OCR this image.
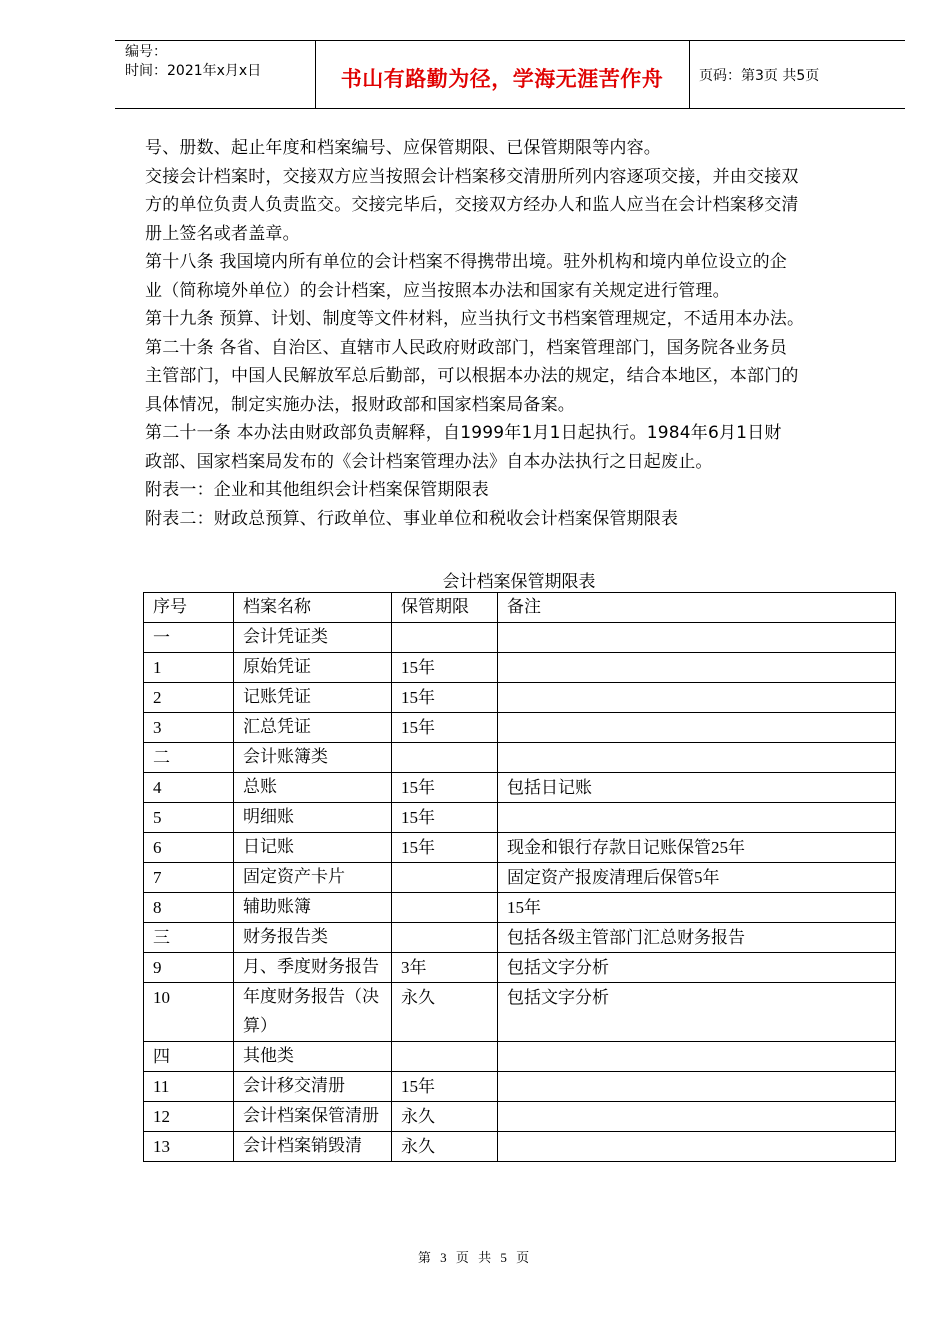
编号：
时间：2021年x月x日	书山有路勤为径，学海无涯苦作舟	页码：第3页 共5页

号、册数、起止年度和档案编号、应保管期限、已保管期限等内容。

交接会计档案时，交接双方应当按照会计档案移交清册所列内容逐项交接，并由交接双

方的单位负责人负责监交。交接完毕后，交接双方经办人和监人应当在会计档案移交清

册上签名或者盖章。

第十八条 我国境内所有单位的会计档案不得携带出境。驻外机构和境内单位设立的企

业（简称境外单位）的会计档案，应当按照本办法和国家有关规定进行管理。

第十九条 预算、计划、制度等文件材料，应当执行文书档案管理规定，不适用本办法。

第二十条 各省、自治区、直辖市人民政府财政部门，档案管理部门，国务院各业务员

主管部门，中国人民解放军总后勤部，可以根据本办法的规定，结合本地区，本部门的

具体情况，制定实施办法，报财政部和国家档案局备案。

第二十一条 本办法由财政部负责解释，自1999年1月1日起执行。1984年6月1日财

政部、国家档案局发布的《会计档案管理办法》自本办法执行之日起废止。

附表一：企业和其他组织会计档案保管期限表

附表二：财政总预算、行政单位、事业单位和税收会计档案保管期限表

会计档案保管期限表
序号	档案名称	保管期限	备注
一	会计凭证类		
1	原始凭证	15年	
2	记账凭证	15年	
3	汇总凭证	15年	
二	会计账簿类		
4	总账	15年	包括日记账
5	明细账	15年	
6	日记账	15年	现金和银行存款日记账保管25年
7	固定资产卡片		固定资产报废清理后保管5年
8	辅助账簿		15年
三	财务报告类		包括各级主管部门汇总财务报告
9	月、季度财务报告	3年	包括文字分析
10	年度财务报告（决算）	永久	包括文字分析
四	其他类		
11	会计移交清册	15年	
12	会计档案保管清册	永久	
13	会计档案销毁清	永久	
第 3 页 共 5 页
